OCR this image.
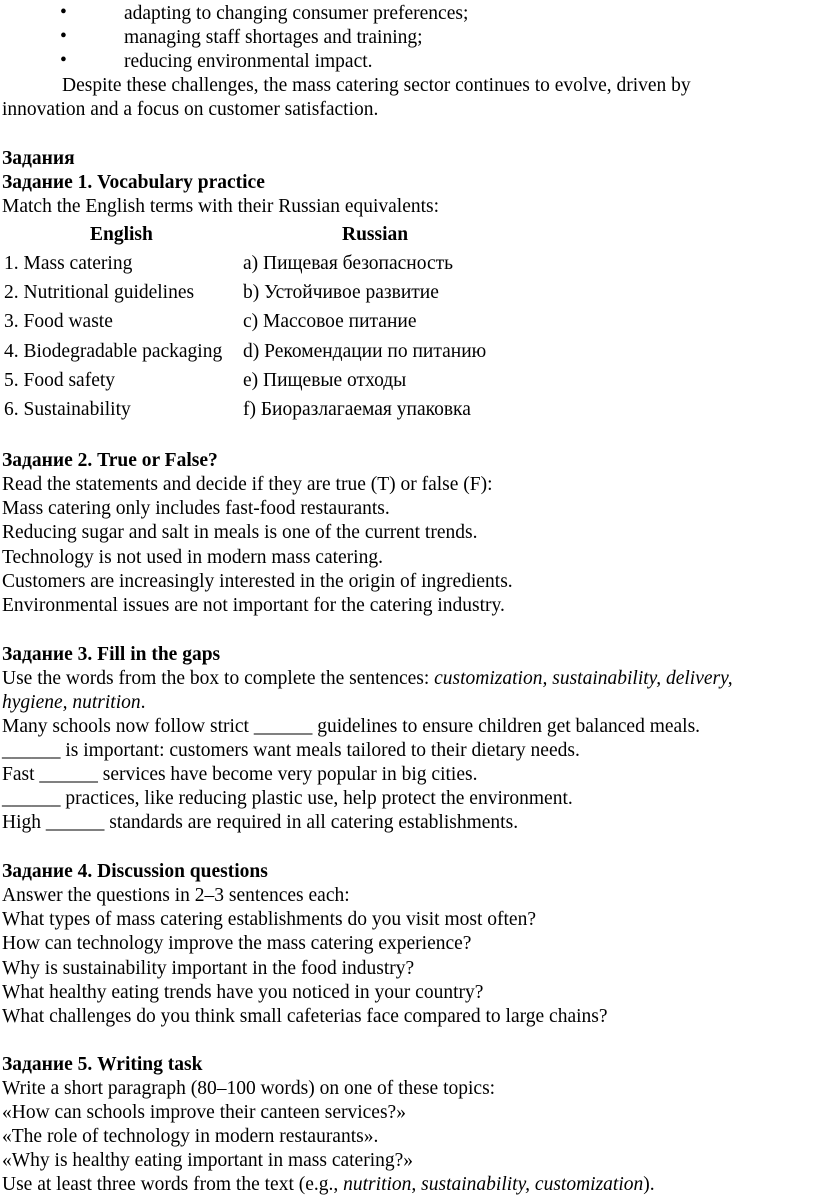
•	adapting to changing consumer preferences;
•	managing staff shortages and training;
•	reducing environmental impact.
Despite these challenges, the mass catering sector continues to evolve, driven by
innovation and a focus on customer satisfaction.
Задания
Задание 1. Vocabulary practice
Match the English terms with their Russian equivalents:
English	Russian
1. Mass catering	a) Пищевая безопасность
2. Nutritional guidelines	b) Устойчивое развитие
3. Food waste	c) Массовое питание
4. Biodegradable packaging d) Рекомендации по питанию
5. Food safety	e) Пищевые отходы
6. Sustainability	f) Биоразлагаемая упаковка
Задание 2. True or False?
Read the statements and decide if they are true (T) or false (F):
Mass catering only includes fast-food restaurants.
Reducing sugar and salt in meals is one of the current trends.
Technology is not used in modern mass catering.
Customers are increasingly interested in the origin of ingredients.
Environmental issues are not important for the catering industry.
Задание 3. Fill in the gaps
Use the words from the box to complete the sentences: customization, sustainability, delivery,
hygiene, nutrition.
Many schools now follow strict ______ guidelines to ensure children get balanced meals.
______ is important: customers want meals tailored to their dietary needs.
Fast ______ services have become very popular in big cities.
______ practices, like reducing plastic use, help protect the environment.
High ______ standards are required in all catering establishments.
Задание 4. Discussion questions
Answer the questions in 2–3 sentences each:
What types of mass catering establishments do you visit most often?
How can technology improve the mass catering experience?
Why is sustainability important in the food industry?
What healthy eating trends have you noticed in your country?
What challenges do you think small cafeterias face compared to large chains?
Задание 5. Writing task
Write a short paragraph (80–100 words) on one of these topics:
«How can schools improve their canteen services?»
«The role of technology in modern restaurants».
«Why is healthy eating important in mass catering?»
Use at least three words from the text (e.g., nutrition, sustainability, customization).
